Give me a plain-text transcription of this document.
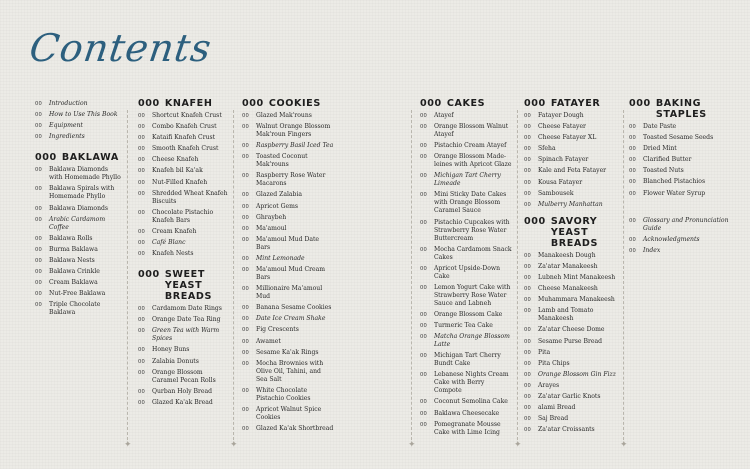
Contents
✦	✦	✦	✦	✦
00	Introduction
00	How to Use This Book
00	Equipment
00	Ingredients
000 BAKLAWA
00	Baklawa Diamonds with Homemade Phyllo
00	Baklawa Spirals with Homemade Phyllo
00	Baklawa Diamonds
00	Arabic Cardamom Coffee
00	Baklawa Rolls
00	Burma Baklawa
00	Baklawa Nests
00	Baklawa Crinkle
00	Cream Baklawa
00	Nut-Free Baklawa
00	Triple Chocolate Baklawa
000 KNAFEH
00	Shortcut Knafeh Crust
00	Combo Knafeh Crust
00	Kataifi Knafeh Crust
00	Smooth Knafeh Crust
00	Cheese Knafeh
00	Knafeh bil Ka'ak
00	Nut-Filled Knafeh
00	Shredded Wheat Knafeh Biscuits
00	Chocolate Pistachio Knafeh Bars
00	Cream Knafeh
00	Café Blanc
00	Knafeh Nests
000 SWEET YEAST BREADS
00	Cardamom Date Rings
00	Orange Date Tea Ring
00	Green Tea with Warm Spices
00	Honey Buns
00	Zalabia Donuts
00	Orange Blossom Caramel Pecan Rolls
00	Qurban Holy Bread
00	Glazed Ka'ak Bread
000 COOKIES
00	Glazed Mak'rouns
00	Walnut Orange Blossom Mak'roun Fingers
00	Raspberry Basil Iced Tea
00	Toasted Coconut Mak'rouns
00	Raspberry Rose Water Macarons
00	Glazed Zalabia
00	Apricot Gems
00	Ghraybeh
00	Ma'amoul
00	Ma'amoul Mud Date Bars
00	Mint Lemonade
00	Ma'amoul Mud Cream Bars
00	Millionaire Ma'amoul Mud
00	Banana Sesame Cookies
00	Date Ice Cream Shake
00	Fig Crescents
00	Awamet
00	Sesame Ka'ak Rings
00	Mocha Brownies with Olive Oil, Tahini, and Sea Salt
00	White Chocolate Pistachio Cookies
00	Apricot Walnut Spice Cookies
00	Glazed Ka'ak Shortbread
000 CAKES
00	Atayef
00	Orange Blossom Walnut Atayef
00	Pistachio Cream Atayef
00	Orange Blossom Made-leines with Apricot Glaze
00	Michigan Tart Cherry Limeade
00	Mini Sticky Date Cakes with Orange Blossom Caramel Sauce
00	Pistachio Cupcakes with Strawberry Rose Water Buttercream
00	Mocha Cardamom Snack Cakes
00	Apricot Upside-Down Cake
00	Lemon Yogurt Cake with Strawberry Rose Water Sauce and Labneh
00	Orange Blossom Cake
00	Turmeric Tea Cake
00	Matcha Orange Blossom Latte
00	Michigan Tart Cherry Bundt Cake
00	Lebanese Nights Cream Cake with Berry Compote
00	Coconut Semolina Cake
00	Baklawa Cheesecake
00	Pomegranate Mousse Cake with Lime Icing
000 FATAYER
00	Fatayer Dough
00	Cheese Fatayer
00	Cheese Fatayer XL
00	Sfeha
00	Spinach Fatayer
00	Kale and Feta Fatayer
00	Kousa Fatayer
00	Sambousek
00	Mulberry Manhattan
000 SAVORY YEAST BREADS
00	Manakeesh Dough
00	Za'atar Manakeesh
00	Lubneh Mint Manakeesh
00	Cheese Manakeesh
00	Muhammara Manakeesh
00	Lamb and Tomato Manakeesh
00	Za'atar Cheese Dome
00	Sesame Purse Bread
00	Pita
00	Pita Chips
00	Orange Blossom Gin Fizz
00	Arayes
00	Za'atar Garlic Knots
00	alami Bread
00	Saj Bread
00	Za'atar Croissants
000 BAKING STAPLES
00	Date Paste
00	Toasted Sesame Seeds
00	Dried Mint
00	Clarified Butter
00	Toasted Nuts
00	Blanched Pistachios
00	Flower Water Syrup
00	Glossary and Pronunciation Guide
00	Acknowledgments
00	Index
